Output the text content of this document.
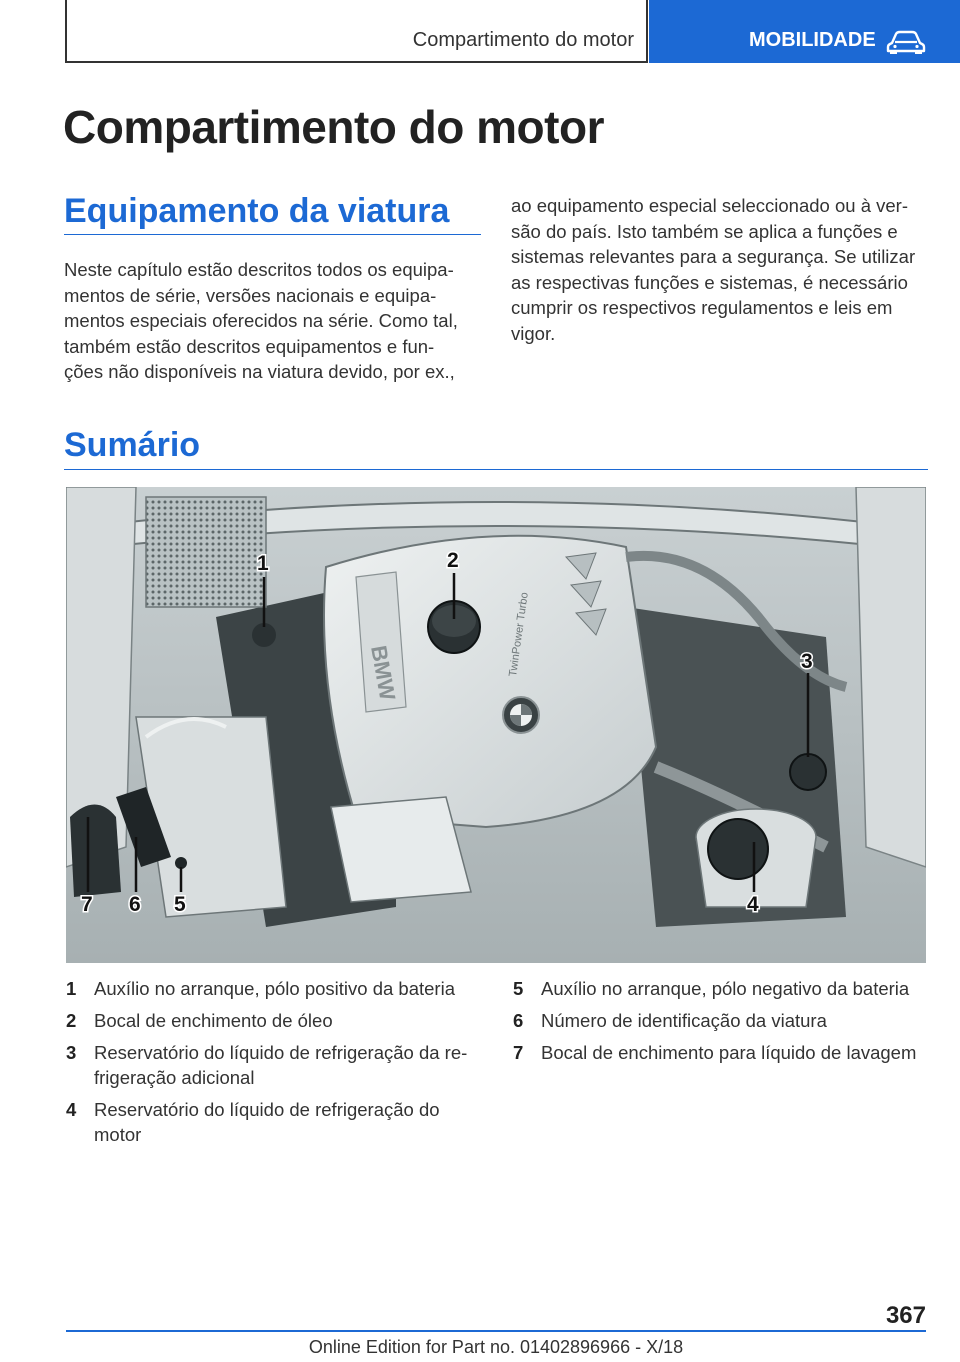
Compartimento do motor	MOBILIDADE
Compartimento do motor
Equipamento da viatura
Neste capítulo estão descritos todos os equipa‐
mentos de série, versões nacionais e equipa‐
mentos especiais oferecidos na série. Como tal,
também estão descritos equipamentos e fun‐
ções não disponíveis na viatura devido, por ex.,
ao equipamento especial seleccionado ou à ver‐
são do país. Isto também se aplica a funções e
sistemas relevantes para a segurança. Se utilizar
as respectivas funções e sistemas, é necessário
cumprir os respectivos regulamentos e leis em
vigor.
Sumário
BMW	TwinPower Turbo
1	2
3
4
5
6
7
1 Auxílio no arranque, pólo positivo da bateria
2 Bocal de enchimento de óleo
3 Reservatório do líquido de refrigeração da re‐ frigeração adicional
4 Reservatório do líquido de refrigeração do motor
5 Auxílio no arranque, pólo negativo da bateria
6 Número de identificação da viatura
7 Bocal de enchimento para líquido de lavagem
367
Online Edition for Part no. 01402896966 - X/18
